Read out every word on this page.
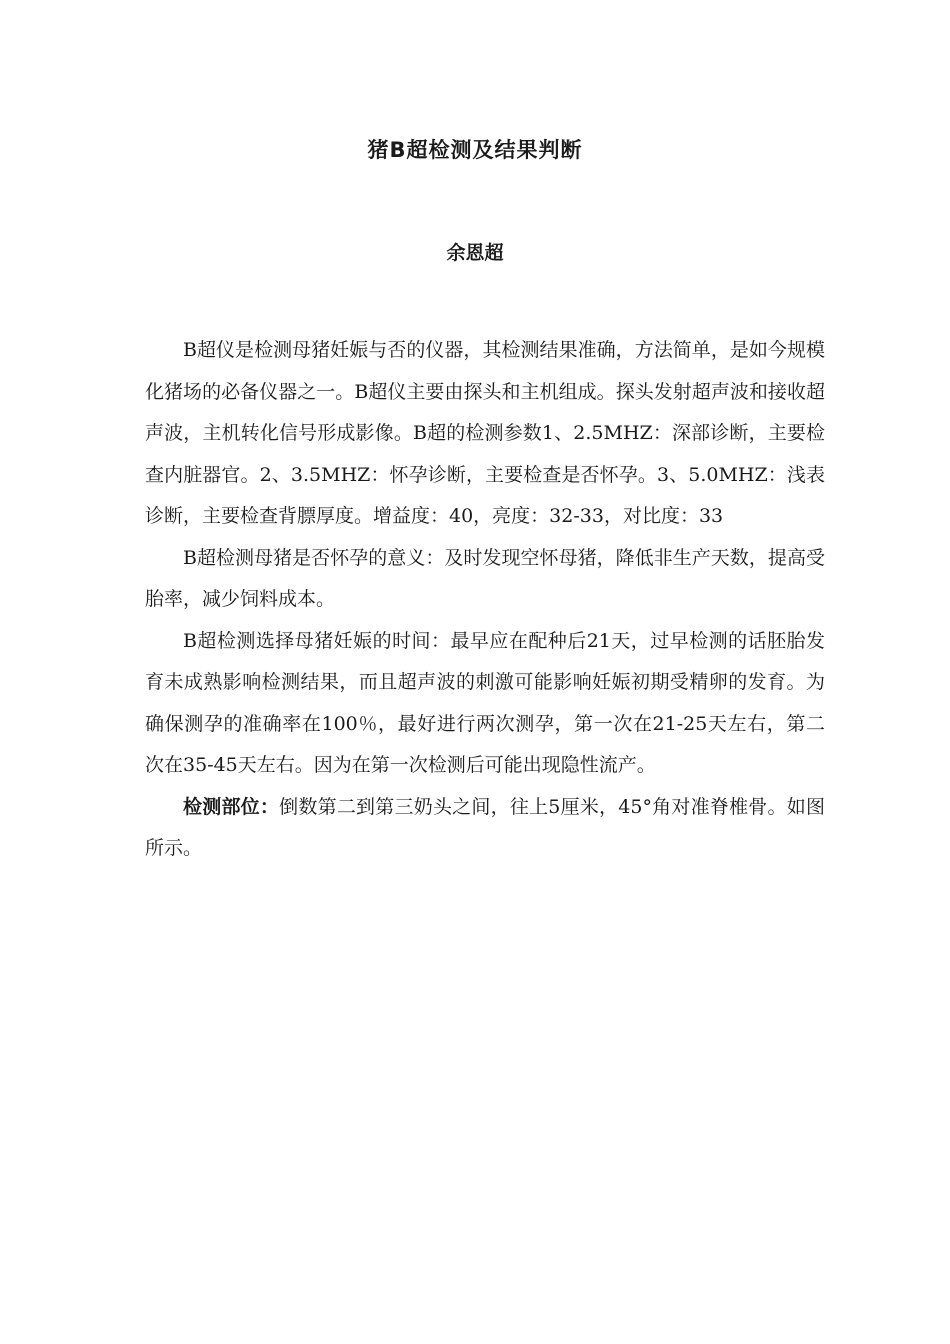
猪B超检测及结果判断
余恩超

B超仪是检测母猪妊娠与否的仪器，其检测结果准确，方法简单，是如今规模化猪场的必备仪器之一。B超仪主要由探头和主机组成。探头发射超声波和接收超声波，主机转化信号形成影像。B超的检测参数1、2.5MHZ：深部诊断，主要检查内脏器官。2、3.5MHZ：怀孕诊断，主要检查是否怀孕。3、5.0MHZ：浅表诊断，主要检查背膘厚度。增益度：40，亮度：32-33，对比度：33

B超检测母猪是否怀孕的意义：及时发现空怀母猪，降低非生产天数，提高受胎率，减少饲料成本。

B超检测选择母猪妊娠的时间：最早应在配种后21天，过早检测的话胚胎发育未成熟影响检测结果，而且超声波的刺激可能影响妊娠初期受精卵的发育。为确保测孕的准确率在100％，最好进行两次测孕，第一次在21-25天左右，第二次在35-45天左右。因为在第一次检测后可能出现隐性流产。

检测部位：倒数第二到第三奶头之间，往上5厘米，45°角对准脊椎骨。如图所示。
